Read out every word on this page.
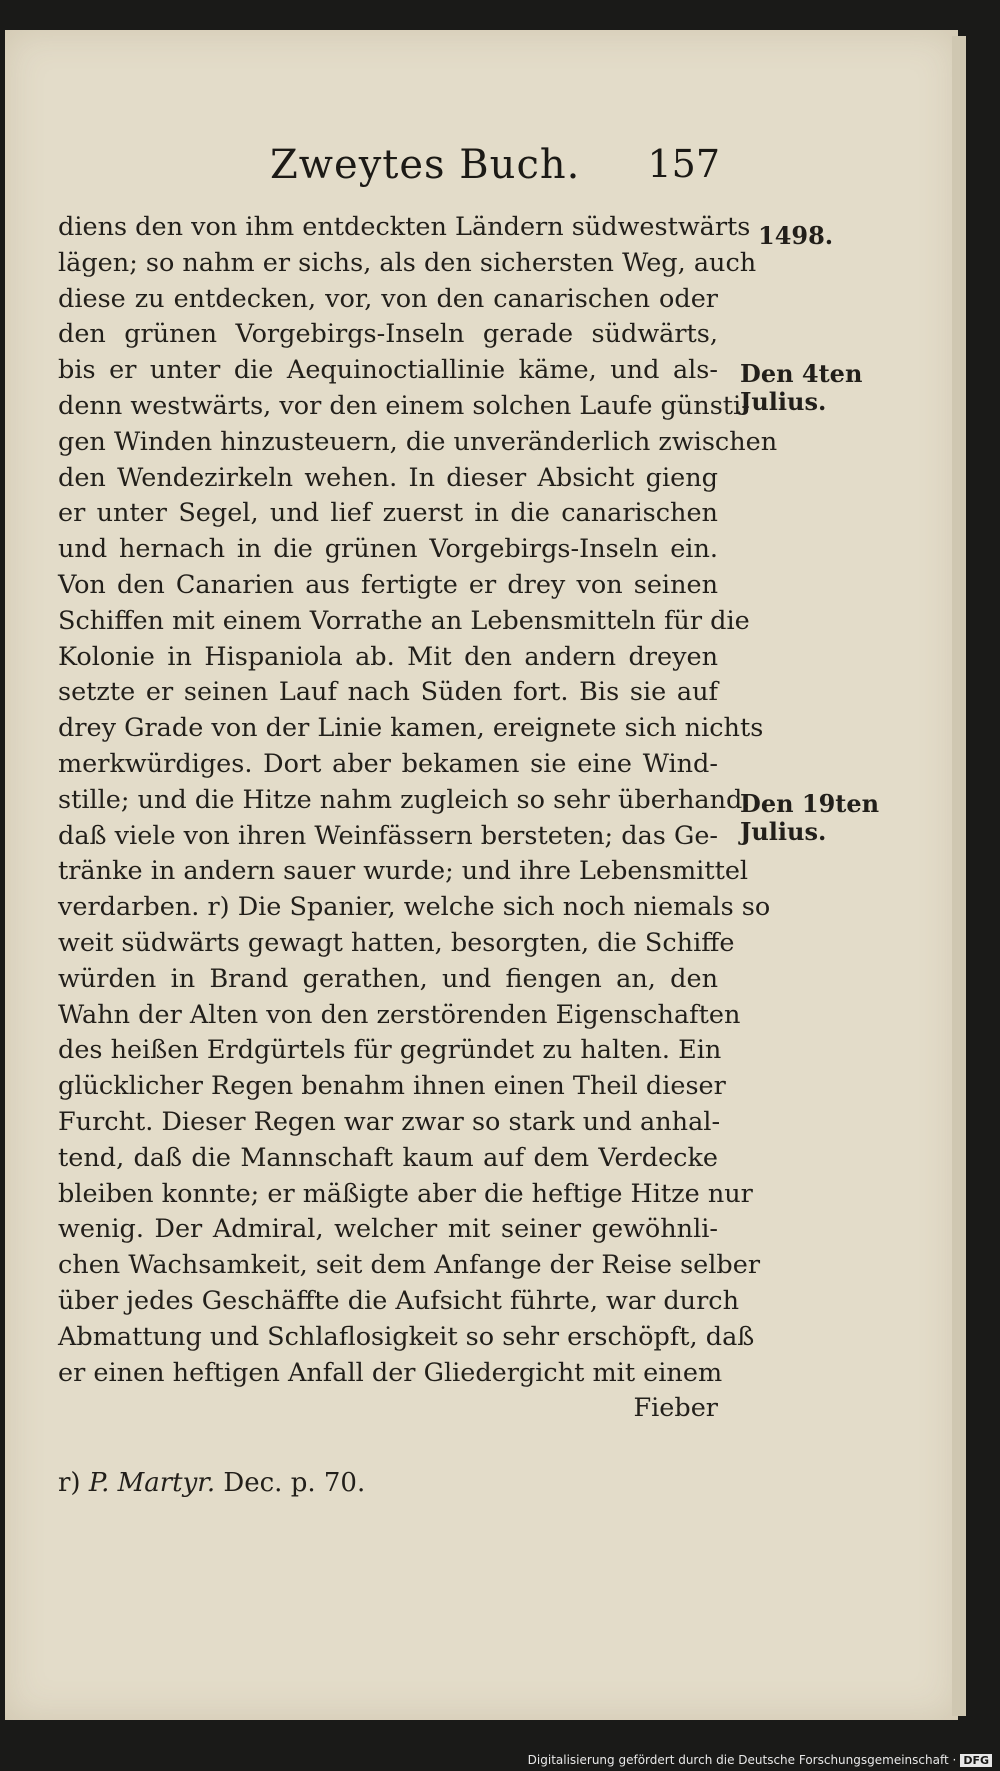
Zweytes Buch. 157
diens den von ihm entdeckten Ländern südwestwärts
lägen; so nahm er sichs, als den sichersten Weg, auch
diese zu entdecken, vor, von den canarischen oder
den grünen Vorgebirgs-Inseln gerade südwärts,
bis er unter die Aequinoctiallinie käme, und als-
denn westwärts, vor den einem solchen Laufe günsti-
gen Winden hinzusteuern, die unveränderlich zwischen
den Wendezirkeln wehen. In dieser Absicht gieng
er unter Segel, und lief zuerst in die canarischen
und hernach in die grünen Vorgebirgs-Inseln ein.
Von den Canarien aus fertigte er drey von seinen
Schiffen mit einem Vorrathe an Lebensmitteln für die
Kolonie in Hispaniola ab. Mit den andern dreyen
setzte er seinen Lauf nach Süden fort. Bis sie auf
drey Grade von der Linie kamen, ereignete sich nichts
merkwürdiges. Dort aber bekamen sie eine Wind-
stille; und die Hitze nahm zugleich so sehr überhand,
daß viele von ihren Weinfässern bersteten; das Ge-
tränke in andern sauer wurde; und ihre Lebensmittel
verdarben. r) Die Spanier, welche sich noch niemals so
weit südwärts gewagt hatten, besorgten, die Schiffe
würden in Brand gerathen, und fiengen an, den
Wahn der Alten von den zerstörenden Eigenschaften
des heißen Erdgürtels für gegründet zu halten. Ein
glücklicher Regen benahm ihnen einen Theil dieser
Furcht. Dieser Regen war zwar so stark und anhal-
tend, daß die Mannschaft kaum auf dem Verdecke
bleiben konnte; er mäßigte aber die heftige Hitze nur
wenig. Der Admiral, welcher mit seiner gewöhnli-
chen Wachsamkeit, seit dem Anfange der Reise selber
über jedes Geschäffte die Aufsicht führte, war durch
Abmattung und Schlaflosigkeit so sehr erschöpft, daß
er einen heftigen Anfall der Gliedergicht mit einem
Fieber
1498.
Den 4ten
Julius.
Den 19ten
Julius.
r) P. Martyr. Dec. p. 70.
Digitalisierung gefördert durch die Deutsche Forschungsgemeinschaft · DFG
